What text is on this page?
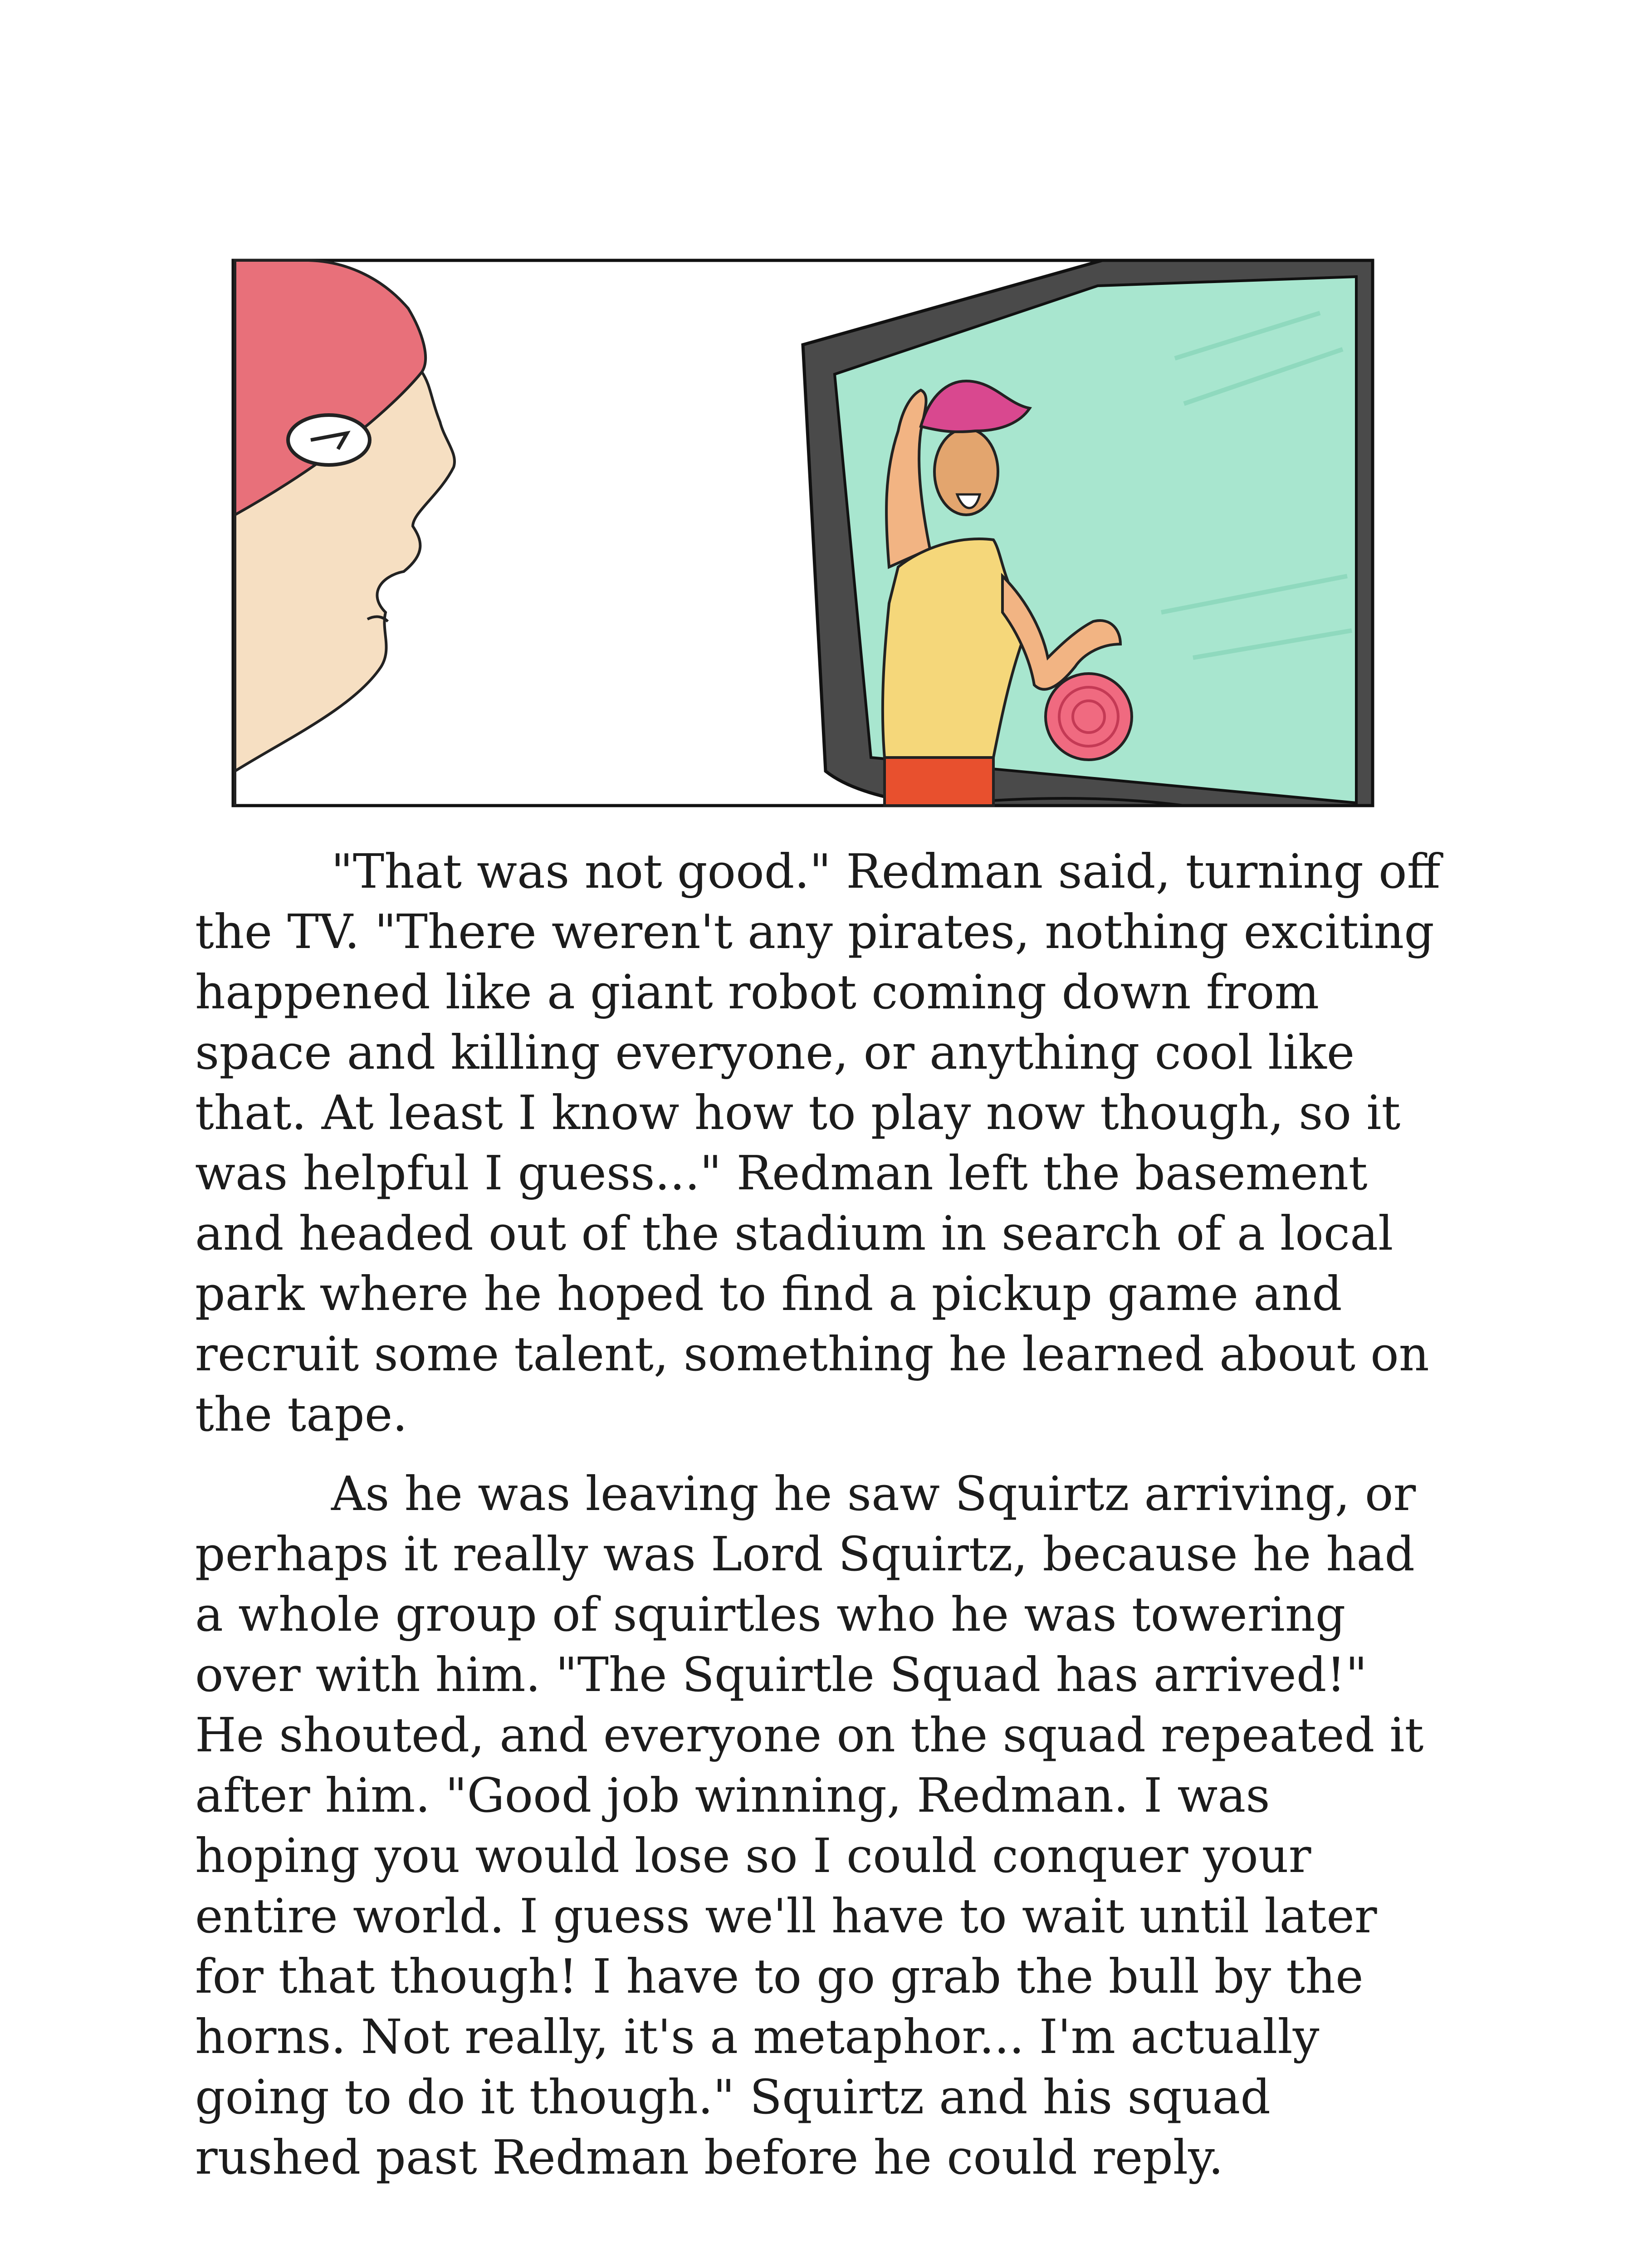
"That was not good." Redman said, turning off the TV. "There weren't any pirates, nothing exciting happened like a giant robot coming down from space and killing everyone, or anything cool like that. At least I know how to play now though, so it was helpful I guess..." Redman left the basement and headed out of the stadium in search of a local park where he hoped to find a pickup game and recruit some talent, something he learned about on the tape.

As he was leaving he saw Squirtz arriving, or perhaps it really was Lord Squirtz, because he had a whole group of squirtles who he was towering over with him. "The Squirtle Squad has arrived!" He shouted, and everyone on the squad repeated it after him. "Good job winning, Redman. I was hoping you would lose so I could conquer your entire world. I guess we'll have to wait until later for that though! I have to go grab the bull by the horns. Not really, it's a metaphor... I'm actually going to do it though." Squirtz and his squad rushed past Redman before he could reply.
